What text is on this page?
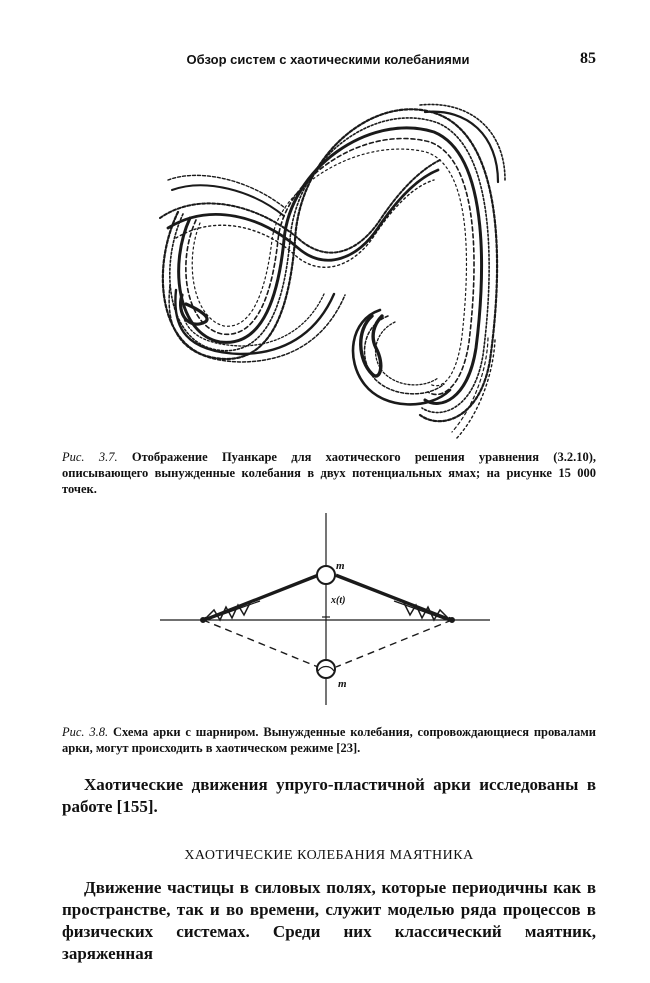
Обзор систем с хаотическими колебаниями	85
Рис. 3.7. Отображение Пуанкаре для хаотического решения уравнения (3.2.10), описывающего вынужденные колебания в двух потенциальных ямах; на рисунке 15 000 точек.
m
x(t)
m
Рис. 3.8. Схема арки с шарниром. Вынужденные колебания, сопровождающиеся провалами арки, могут происходить в хаотическом режиме [23].
Хаотические движения упруго-пластичной арки исследованы в работе [155].
ХАОТИЧЕСКИЕ КОЛЕБАНИЯ МАЯТНИКА
Движение частицы в силовых полях, которые периодичны как в пространстве, так и во времени, служит моделью ряда процессов в физических системах. Среди них классический маятник, заряженная
